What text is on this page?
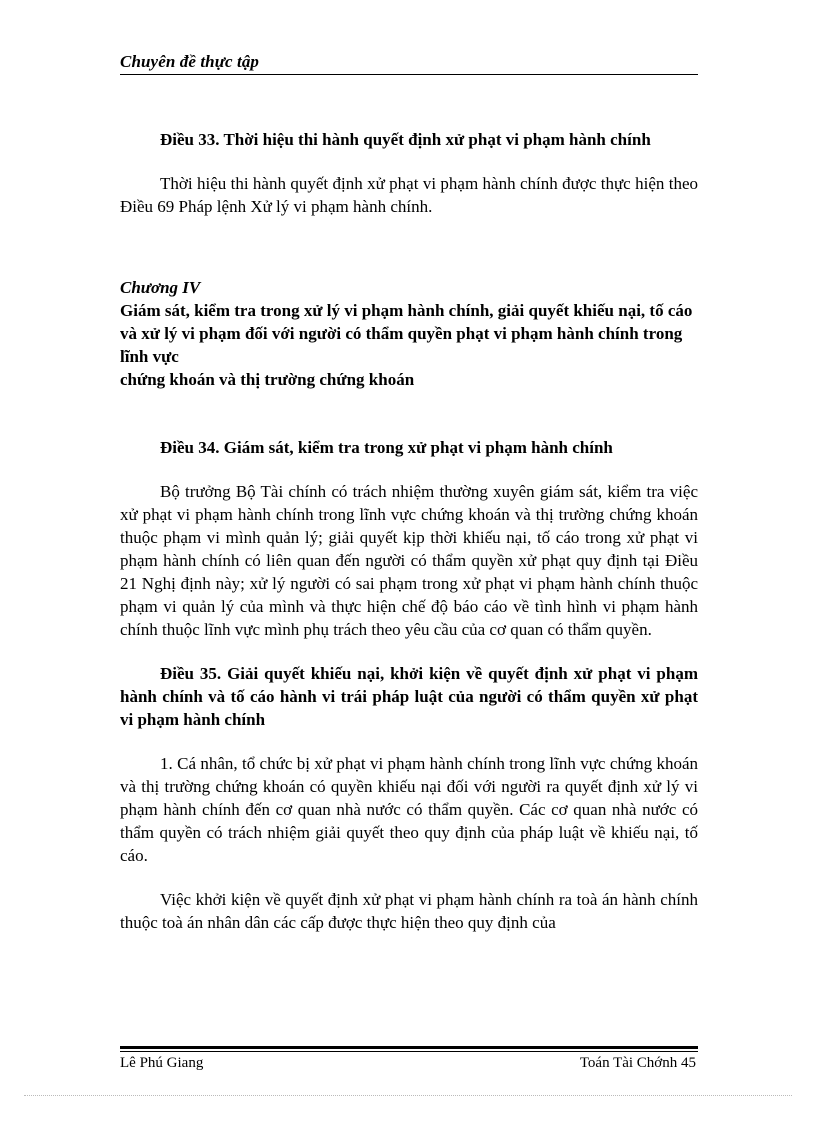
Chuyên đề thực tập

Điều 33. Thời hiệu thi hành quyết định xử phạt vi phạm hành chính

Thời hiệu thi hành quyết định xử phạt vi phạm hành chính được thực hiện theo Điều 69 Pháp lệnh Xử lý vi phạm hành chính.

Chương IV

Giám sát, kiểm tra trong xử lý vi phạm hành chính, giải quyết khiếu nại, tố cáo và xử lý vi phạm đối với người có thẩm quyền phạt vi phạm hành chính trong lĩnh vực

chứng khoán và thị trường chứng khoán

Điều 34. Giám sát, kiểm tra trong xử phạt vi phạm hành chính

Bộ trưởng Bộ Tài chính có trách nhiệm thường xuyên giám sát, kiểm tra việc xử phạt vi phạm hành chính trong lĩnh vực chứng khoán và thị trường chứng khoán thuộc phạm vi mình quản lý; giải quyết kịp thời khiếu nại, tố cáo trong xử phạt vi phạm hành chính có liên quan đến người có thẩm quyền xử phạt quy định tại Điều 21 Nghị định này; xử lý người có sai phạm trong xử phạt vi phạm hành chính thuộc phạm vi quản lý của mình và thực hiện chế độ báo cáo về tình hình vi phạm hành chính thuộc lĩnh vực mình phụ trách theo yêu cầu của cơ quan có thẩm quyền.

Điều 35. Giải quyết khiếu nại, khởi kiện về quyết định xử phạt vi phạm hành chính và tố cáo hành vi trái pháp luật của người có thẩm quyền xử phạt vi phạm hành chính

1. Cá nhân, tổ chức bị xử phạt vi phạm hành chính trong lĩnh vực chứng khoán và thị trường chứng khoán có quyền khiếu nại đối với người ra quyết định xử lý vi phạm hành chính đến cơ quan nhà nước có thẩm quyền. Các cơ quan nhà nước có thẩm quyền có trách nhiệm giải quyết theo quy định của pháp luật về khiếu nại, tố cáo.

Việc khởi kiện về quyết định xử phạt vi phạm hành chính ra toà án hành chính thuộc toà án nhân dân các cấp được thực hiện theo quy định của

Lê Phú Giang	Toán Tài Chớnh 45
